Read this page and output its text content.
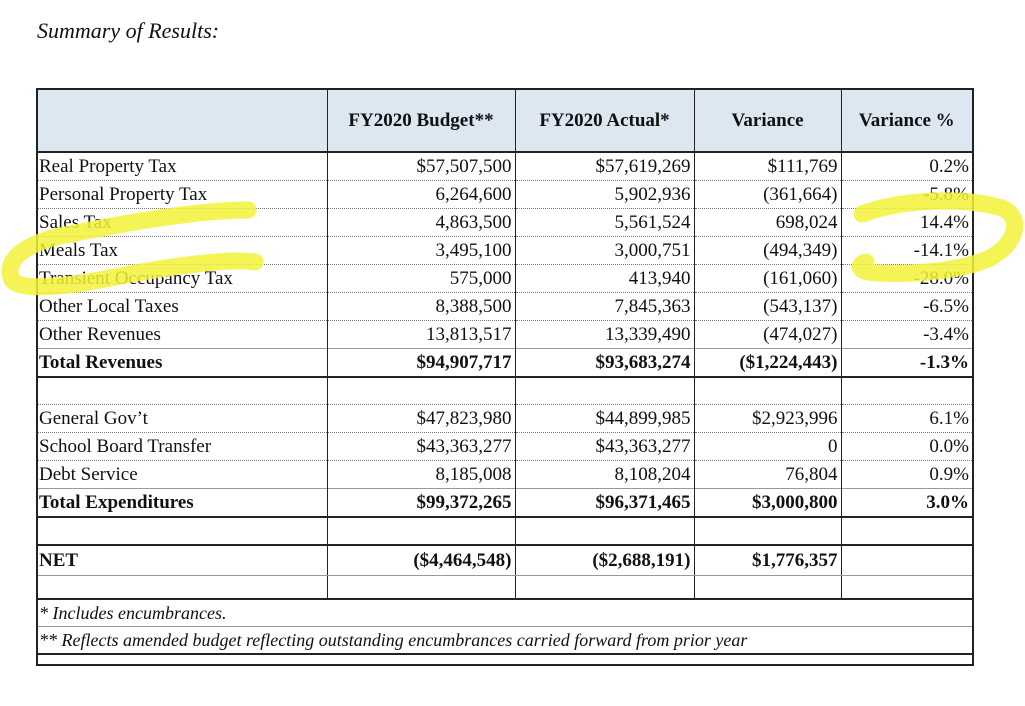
Summary of Results:
	FY2020 Budget**	FY2020 Actual*	Variance	Variance %
Real Property Tax	$57,507,500	$57,619,269	$111,769	0.2%
Personal Property Tax	6,264,600	5,902,936	(361,664)	-5.8%
Sales Tax	4,863,500	5,561,524	698,024	14.4%
Meals Tax	3,495,100	3,000,751	(494,349)	-14.1%
Transient Occupancy Tax	575,000	413,940	(161,060)	-28.0%
Other Local Taxes	8,388,500	7,845,363	(543,137)	-6.5%
Other Revenues	13,813,517	13,339,490	(474,027)	-3.4%
Total Revenues	$94,907,717	$93,683,274	($1,224,443)	-1.3%

General Gov’t	$47,823,980	$44,899,985	$2,923,996	6.1%
School Board Transfer	$43,363,277	$43,363,277	0	0.0%
Debt Service	8,185,008	8,108,204	76,804	0.9%
Total Expenditures	$99,372,265	$96,371,465	$3,000,800	3.0%

NET	($4,464,548)	($2,688,191)	$1,776,357	

* Includes encumbrances.				
** Reflects amended budget reflecting outstanding encumbrances carried forward from prior year				
